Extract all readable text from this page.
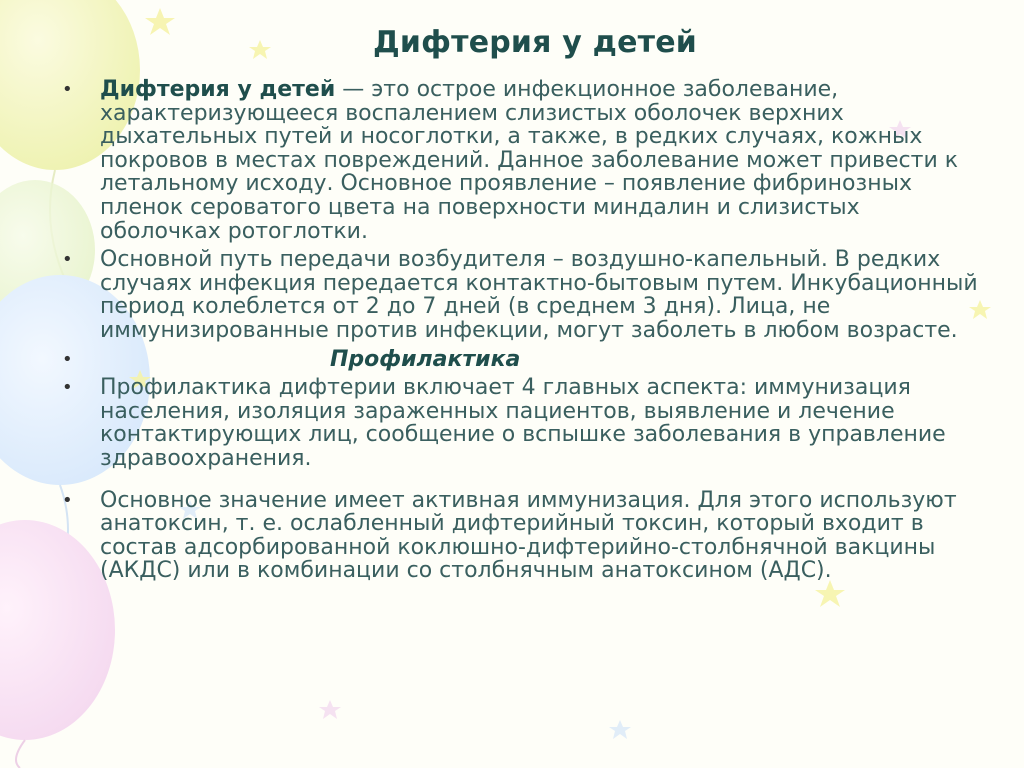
Дифтерия у детей
• Дифтерия у детей — это острое инфекционное заболевание, характеризующееся воспалением слизистых оболочек верхних дыхательных путей и носоглотки, а также, в редких случаях, кожных покровов в местах повреждений. Данное заболевание может привести к летальному исходу. Основное проявление – появление фибринозных пленок сероватого цвета на поверхности миндалин и слизистых оболочках ротоглотки.
• Основной путь передачи возбудителя – воздушно-капельный. В редких случаях инфекция передается контактно-бытовым путем. Инкубационный период колеблется от 2 до 7 дней (в среднем 3 дня). Лица, не иммунизированные против инфекции, могут заболеть в любом возрасте.
•	Профилактика
• Профилактика дифтерии включает 4 главных аспекта: иммунизация населения, изоляция зараженных пациентов, выявление и лечение контактирующих лиц, сообщение о вспышке заболевания в управление здравоохранения.
• Основное значение имеет активная иммунизация. Для этого используют анатоксин, т. е. ослабленный дифтерийный токсин, который входит в состав адсорбированной коклюшно-дифтерийно-столбнячной вакцины (АКДС) или в комбинации со столбнячным анатоксином (АДС).
